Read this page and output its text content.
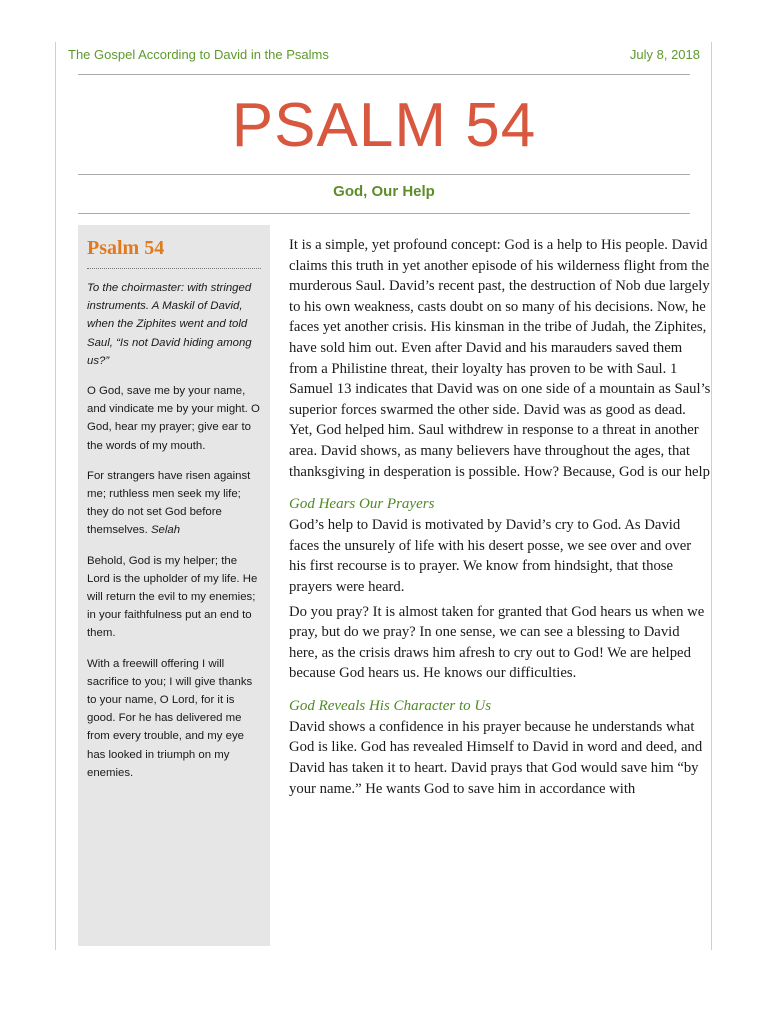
The Gospel According to David in the Psalms	July 8, 2018
PSALM 54
God, Our Help
Psalm 54

To the choirmaster: with stringed instruments. A Maskil of David, when the Ziphites went and told Saul, “Is not David hiding among us?”

O God, save me by your name, and vindicate me by your might. O God, hear my prayer; give ear to the words of my mouth.

For strangers have risen against me; ruthless men seek my life; they do not set God before themselves. Selah

Behold, God is my helper; the Lord is the upholder of my life. He will return the evil to my enemies; in your faithfulness put an end to them.

With a freewill offering I will sacrifice to you; I will give thanks to your name, O Lord, for it is good. For he has delivered me from every trouble, and my eye has looked in triumph on my enemies.

It is a simple, yet profound concept: God is a help to His people. David claims this truth in yet another episode of his wilderness flight from the murderous Saul. David’s recent past, the destruction of Nob due largely to his own weakness, casts doubt on so many of his decisions. Now, he faces yet another crisis. His kinsman in the tribe of Judah, the Ziphites, have sold him out. Even after David and his marauders saved them from a Philistine threat, their loyalty has proven to be with Saul. 1 Samuel 13 indicates that David was on one side of a mountain as Saul’s superior forces swarmed the other side. David was as good as dead. Yet, God helped him. Saul withdrew in response to a threat in another area. David shows, as many believers have throughout the ages, that thanksgiving in desperation is possible. How? Because, God is our help

God Hears Our Prayers

God’s help to David is motivated by David’s cry to God. As David faces the unsurely of life with his desert posse, we see over and over his first recourse is to prayer. We know from hindsight, that those prayers were heard.

Do you pray? It is almost taken for granted that God hears us when we pray, but do we pray? In one sense, we can see a blessing to David here, as the crisis draws him afresh to cry out to God! We are helped because God hears us. He knows our difficulties.

God Reveals His Character to Us

David shows a confidence in his prayer because he understands what God is like. God has revealed Himself to David in word and deed, and David has taken it to heart. David prays that God would save him “by your name.” He wants God to save him in accordance with
